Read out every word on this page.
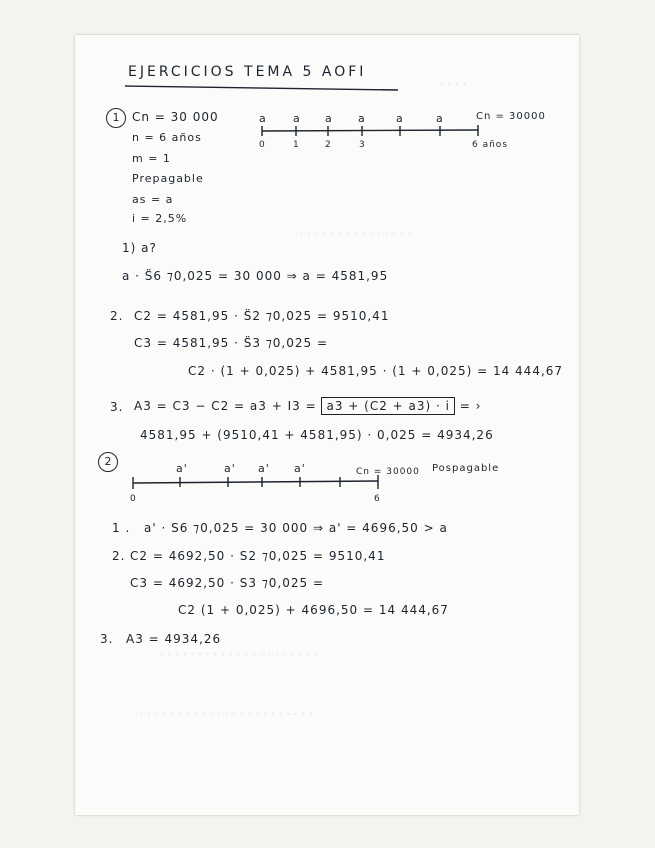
· · · ·
· · · · · · · · · · · · · · ·
· · · · · · · · · · · · · · · · · · · · ·
· · · · · · · · · · · · · · · · · · · · · · ·
EJERCICIOS TEMA 5 AOFI
1	Cn = 30 000
n = 6 años
m = 1
Prepagable
as = a
i = 2,5%
a a a a	a	a	Cn = 30000
0	1	2	3	6 años
1) a?
a · S̈6 ⁊0,025 = 30 000 ⇒ a = 4581,95
2. C2 = 4581,95 · S̈2 ⁊0,025 = 9510,41
C3 = 4581,95 · S̈3 ⁊0,025 =
C2 · (1 + 0,025) + 4581,95 · (1 + 0,025) = 14 444,67
3. A3 = C3 − C2 = a3 + I3 = a3 + (C2 + a3) · i = ›
4581,95 + (9510,41 + 4581,95) · 0,025 = 4934,26
2
a'	a' a' a'	Cn = 30000 Pospagable
0	6
1 . a' · S6 ⁊0,025 = 30 000 ⇒ a' = 4696,50 > a
2. C2 = 4692,50 · S2 ⁊0,025 = 9510,41
C3 = 4692,50 · S3 ⁊0,025 =
C2 (1 + 0,025) + 4696,50 = 14 444,67
3. A3 = 4934,26
